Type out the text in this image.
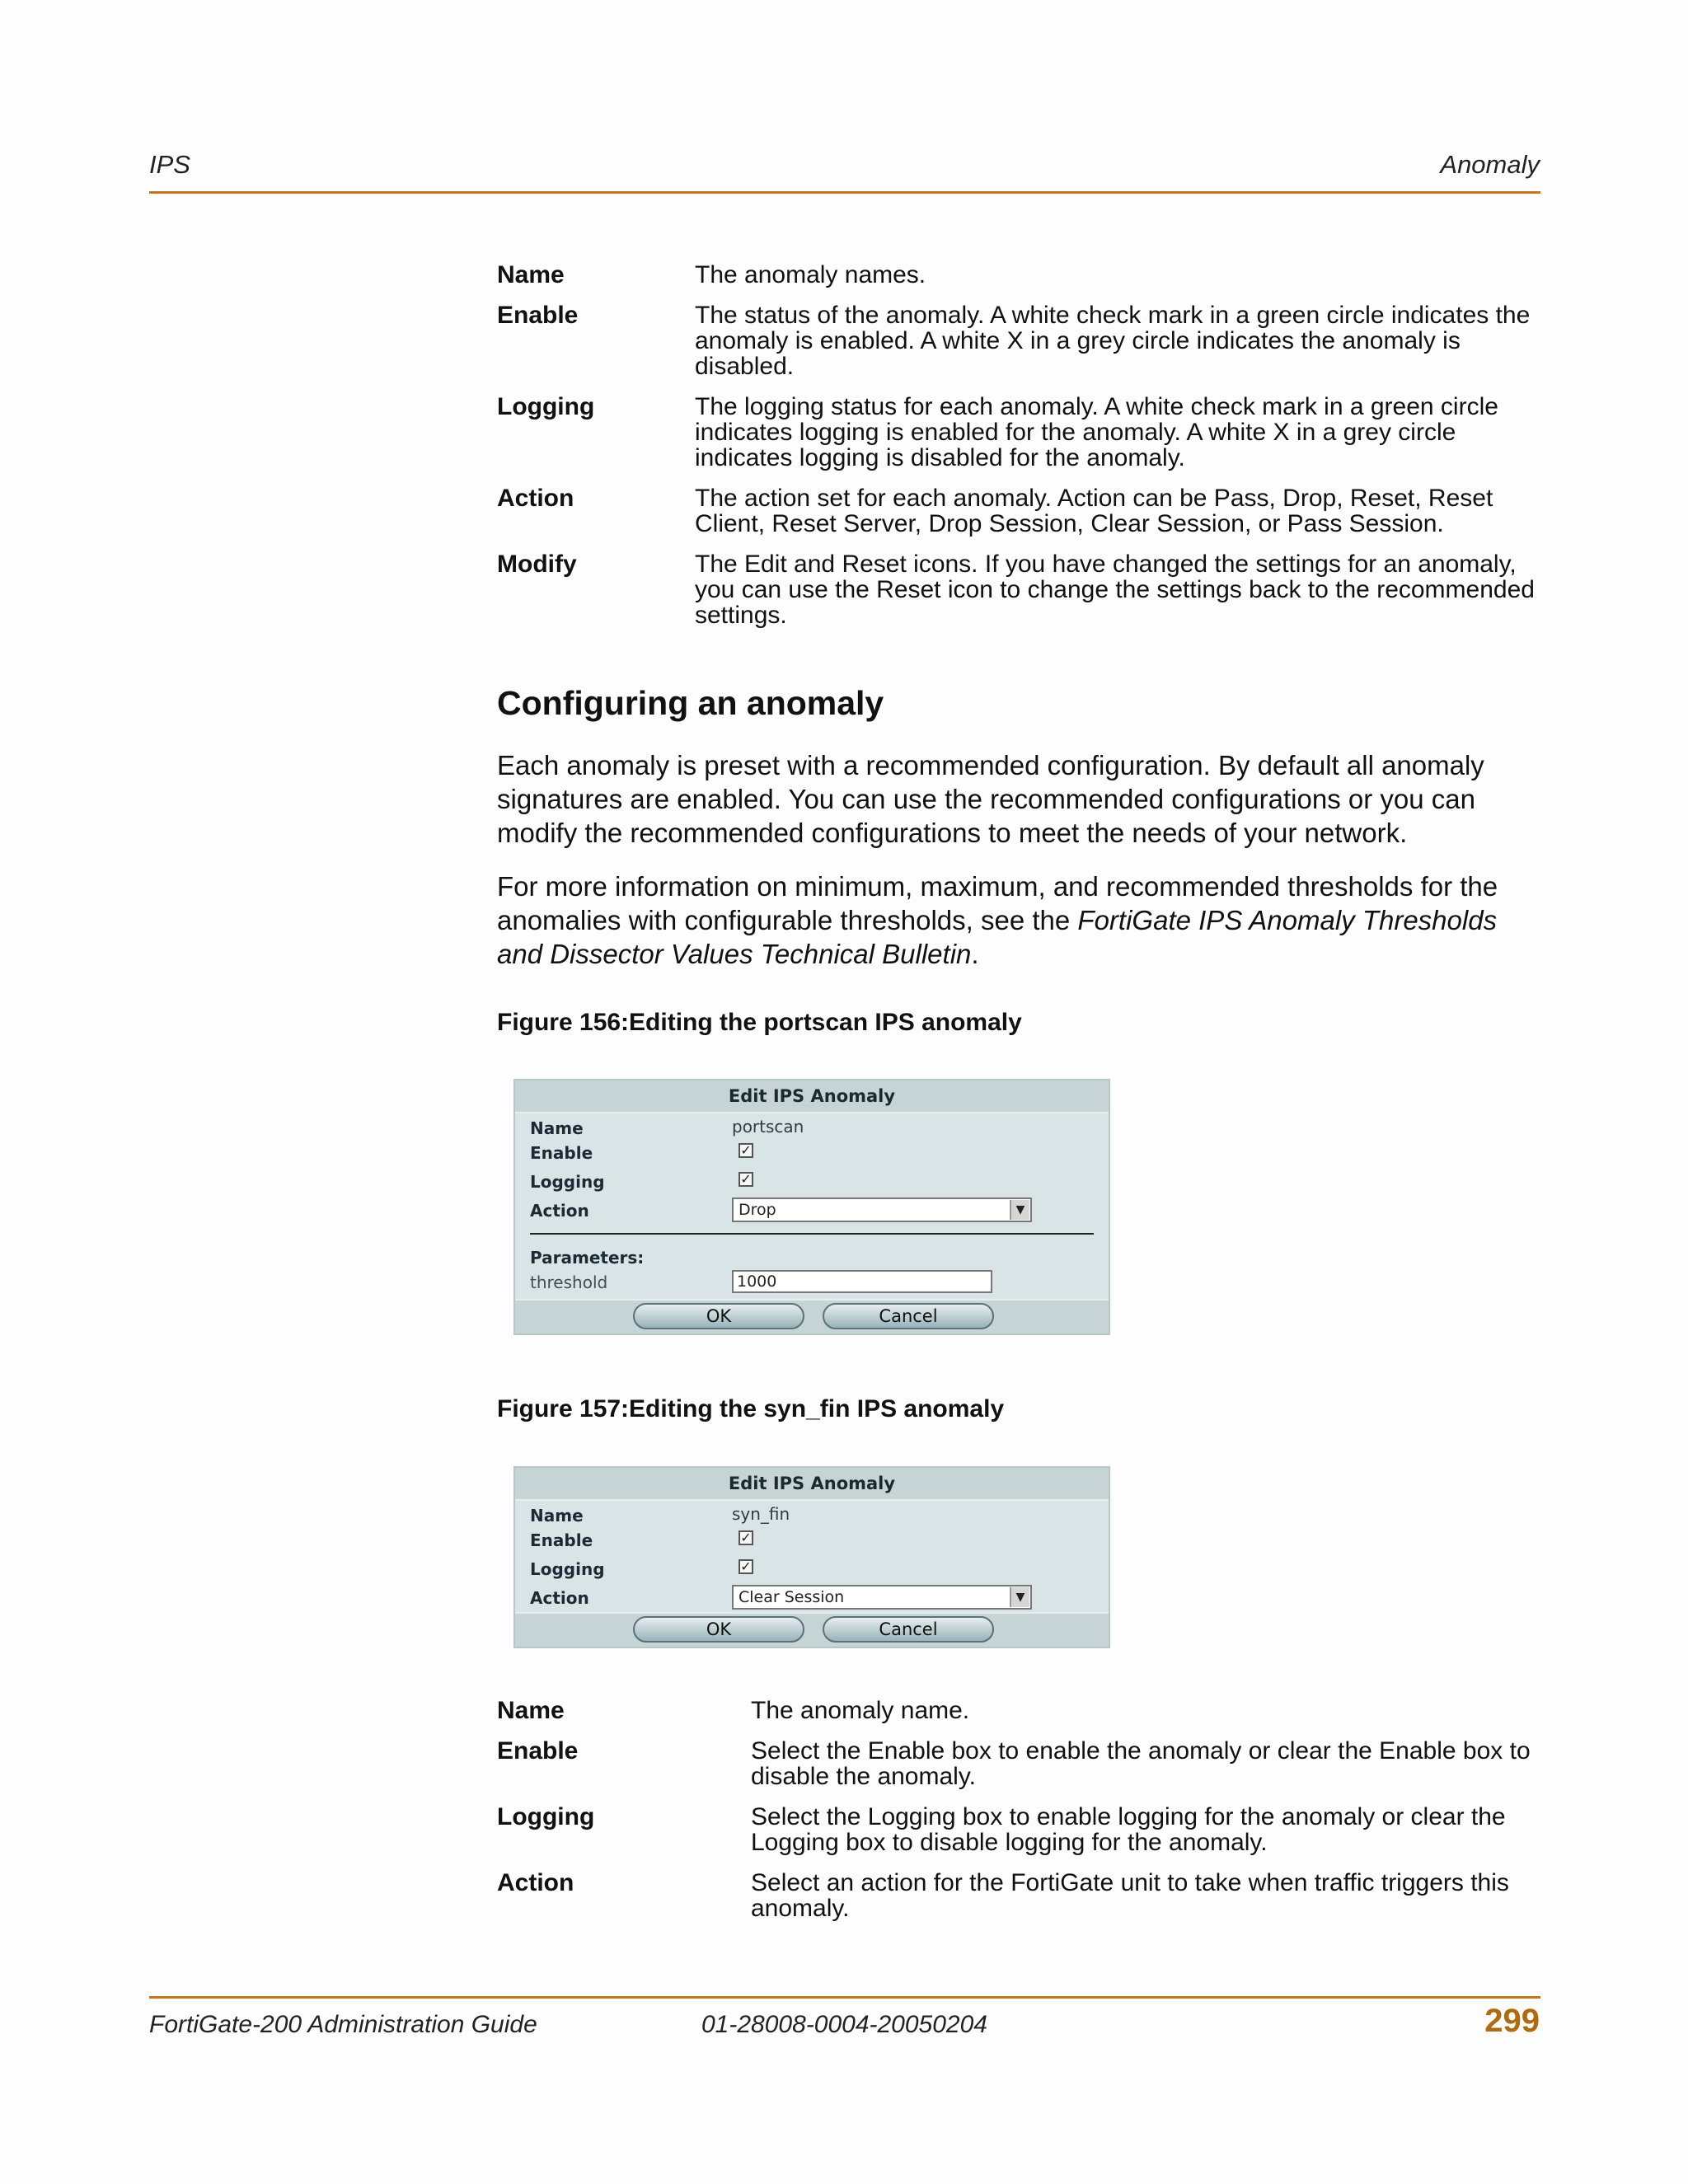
IPS	Anomaly
Name	The anomaly names.
Enable	The status of the anomaly. A white check mark in a green circle indicates the anomaly is enabled. A white X in a grey circle indicates the anomaly is disabled.
Logging	The logging status for each anomaly. A white check mark in a green circle indicates logging is enabled for the anomaly. A white X in a grey circle indicates logging is disabled for the anomaly.
Action	The action set for each anomaly. Action can be Pass, Drop, Reset, Reset Client, Reset Server, Drop Session, Clear Session, or Pass Session.
Modify	The Edit and Reset icons. If you have changed the settings for an anomaly, you can use the Reset icon to change the settings back to the recommended settings.
Configuring an anomaly
Each anomaly is preset with a recommended configuration. By default all anomaly signatures are enabled. You can use the recommended configurations or you can modify the recommended configurations to meet the needs of your network.
For more information on minimum, maximum, and recommended thresholds for the anomalies with configurable thresholds, see the FortiGate IPS Anomaly Thresholds and Dissector Values Technical Bulletin.
Figure 156:Editing the portscan IPS anomaly
Edit IPS Anomaly
Name	portscan
Enable	✓
Logging	✓
Action	Drop	▼
Parameters:
threshold	1000
OK	Cancel
Figure 157:Editing the syn_fin IPS anomaly
Edit IPS Anomaly
Name	syn_fin
Enable	✓
Logging	✓
Action	Clear Session	▼
OK	Cancel
Name	The anomaly name.
Enable	Select the Enable box to enable the anomaly or clear the Enable box to disable the anomaly.
Logging	Select the Logging box to enable logging for the anomaly or clear the Logging box to disable logging for the anomaly.
Action	Select an action for the FortiGate unit to take when traffic triggers this anomaly.
FortiGate-200 Administration Guide	01-28008-0004-20050204	299
